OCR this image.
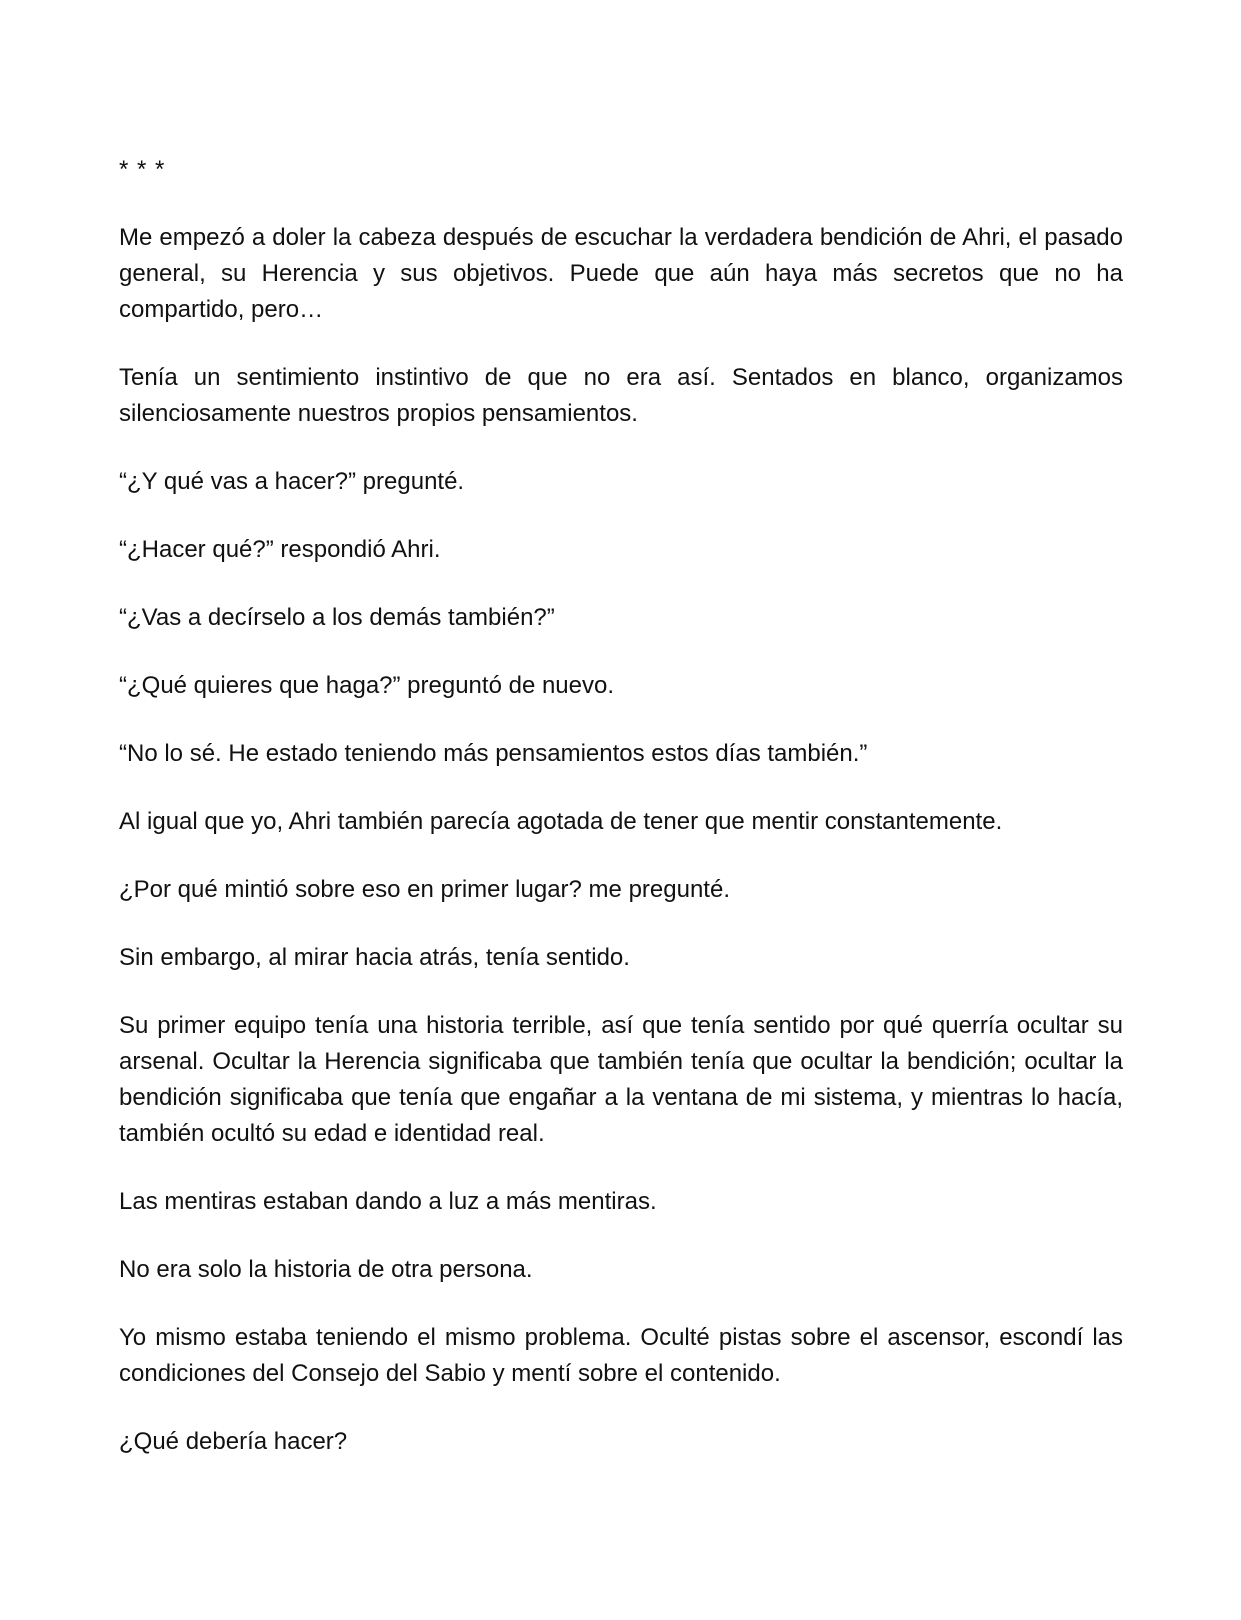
* * *

Me empezó a doler la cabeza después de escuchar la verdadera bendición de Ahri, el pasado general, su Herencia y sus objetivos. Puede que aún haya más secretos que no ha compartido, pero…

Tenía un sentimiento instintivo de que no era así. Sentados en blanco, organizamos silenciosamente nuestros propios pensamientos.

“¿Y qué vas a hacer?” pregunté.

“¿Hacer qué?” respondió Ahri.

“¿Vas a decírselo a los demás también?”

“¿Qué quieres que haga?” preguntó de nuevo.

“No lo sé. He estado teniendo más pensamientos estos días también.”

Al igual que yo, Ahri también parecía agotada de tener que mentir constantemente.

¿Por qué mintió sobre eso en primer lugar? me pregunté.

Sin embargo, al mirar hacia atrás, tenía sentido.

Su primer equipo tenía una historia terrible, así que tenía sentido por qué querría ocultar su arsenal. Ocultar la Herencia significaba que también tenía que ocultar la bendición; ocultar la bendición significaba que tenía que engañar a la ventana de mi sistema, y mientras lo hacía, también ocultó su edad e identidad real.

Las mentiras estaban dando a luz a más mentiras.

No era solo la historia de otra persona.

Yo mismo estaba teniendo el mismo problema. Oculté pistas sobre el ascensor, escondí las condiciones del Consejo del Sabio y mentí sobre el contenido.

¿Qué debería hacer?
